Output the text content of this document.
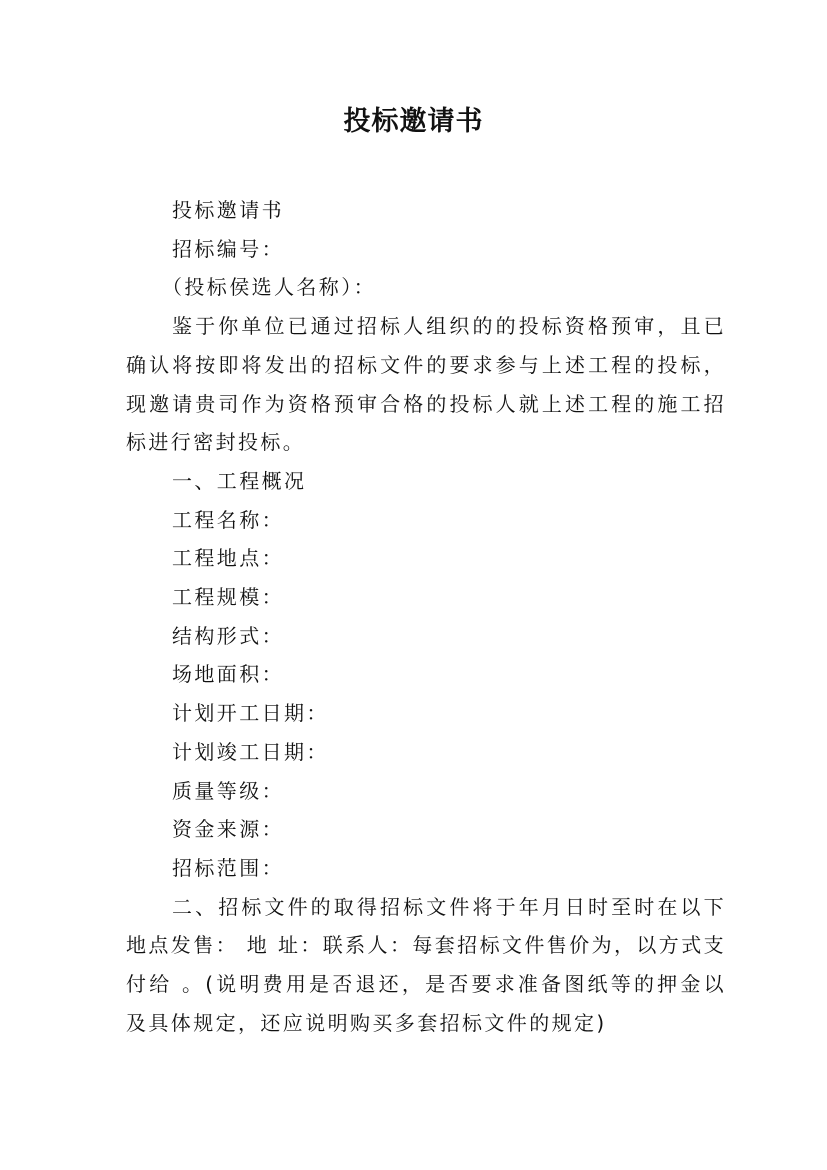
投标邀请书

投标邀请书

招标编号：

（投标侯选人名称）：

鉴于你单位已通过招标人组织的的投标资格预审，且已确认将按即将发出的招标文件的要求参与上述工程的投标，现邀请贵司作为资格预审合格的投标人就上述工程的施工招标进行密封投标。

一、工程概况

工程名称：

工程地点：

工程规模：

结构形式：

场地面积：

计划开工日期：

计划竣工日期：

质量等级：

资金来源：

招标范围：

二、招标文件的取得招标文件将于年月日时至时在以下地点发售： 地 址：联系人：每套招标文件售价为，以方式支付给 。(说明费用是否退还，是否要求准备图纸等的押金以及具体规定，还应说明购买多套招标文件的规定)
